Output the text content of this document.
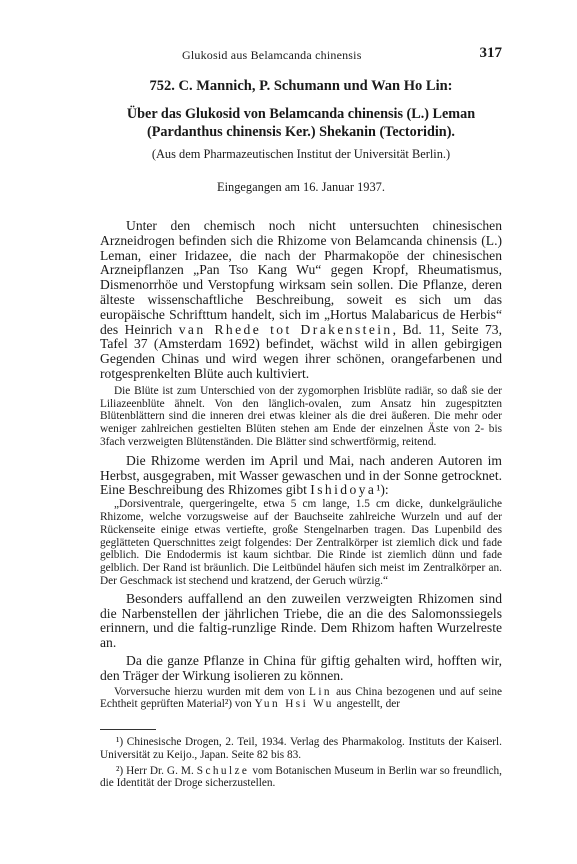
Glukosid aus Belamcanda chinensis	317
752. C. Mannich, P. Schumann und Wan Ho Lin:
Über das Glukosid von Belamcanda chinensis (L.) Leman
(Pardanthus chinensis Ker.) Shekanin (Tectoridin).
(Aus dem Pharmazeutischen Institut der Universität Berlin.)
Eingegangen am 16. Januar 1937.

Unter den chemisch noch nicht untersuchten chinesischen Arzneidrogen befinden sich die Rhizome von Belamcanda chinensis (L.) Leman, einer Iridazee, die nach der Pharmakopöe der chinesischen Arzneipflanzen „Pan Tso Kang Wu“ gegen Kropf, Rheumatismus, Dismenorrhöe und Verstopfung wirksam sein sollen. Die Pflanze, deren älteste wissenschaftliche Beschreibung, soweit es sich um das europäische Schrifttum handelt, sich im „Hortus Malabaricus de Herbis“ des Heinrich van Rhede tot Drakenstein, Bd. 11, Seite 73, Tafel 37 (Amsterdam 1692) befindet, wächst wild in allen gebirgigen Gegenden Chinas und wird wegen ihrer schönen, orangefarbenen und rotgesprenkelten Blüte auch kultiviert.

Die Blüte ist zum Unterschied von der zygomorphen Irisblüte radiär, so daß sie der Liliazeenblüte ähnelt. Von den länglich-ovalen, zum Ansatz hin zugespitzten Blütenblättern sind die inneren drei etwas kleiner als die drei äußeren. Die mehr oder weniger zahlreichen gestielten Blüten stehen am Ende der einzelnen Äste von 2- bis 3fach verzweigten Blütenständen. Die Blätter sind schwertförmig, reitend.

Die Rhizome werden im April und Mai, nach anderen Autoren im Herbst, ausgegraben, mit Wasser gewaschen und in der Sonne getrocknet. Eine Beschreibung des Rhizomes gibt Ishidoya¹):

„Dorsiventrale, quergeringelte, etwa 5 cm lange, 1.5 cm dicke, dunkelgräuliche Rhizome, welche vorzugsweise auf der Bauchseite zahlreiche Wurzeln und auf der Rückenseite einige etwas vertiefte, große Stengelnarben tragen. Das Lupenbild des geglätteten Querschnittes zeigt folgendes: Der Zentralkörper ist ziemlich dick und fade gelblich. Die Endodermis ist kaum sichtbar. Die Rinde ist ziemlich dünn und fade gelblich. Der Rand ist bräunlich. Die Leitbündel häufen sich meist im Zentralkörper an. Der Geschmack ist stechend und kratzend, der Geruch würzig.“

Besonders auffallend an den zuweilen verzweigten Rhizomen sind die Narbenstellen der jährlichen Triebe, die an die des Salomonssiegels erinnern, und die faltig-runzlige Rinde. Dem Rhizom haften Wurzelreste an.

Da die ganze Pflanze in China für giftig gehalten wird, hofften wir, den Träger der Wirkung isolieren zu können.

Vorversuche hierzu wurden mit dem von Lin aus China bezogenen und auf seine Echtheit geprüften Material²) von Yun Hsi Wu angestellt, der

¹) Chinesische Drogen, 2. Teil, 1934. Verlag des Pharmakolog. Instituts der Kaiserl. Universität zu Keijo., Japan. Seite 82 bis 83.

²) Herr Dr. G. M. Schulze vom Botanischen Museum in Berlin war so freundlich, die Identität der Droge sicherzustellen.
